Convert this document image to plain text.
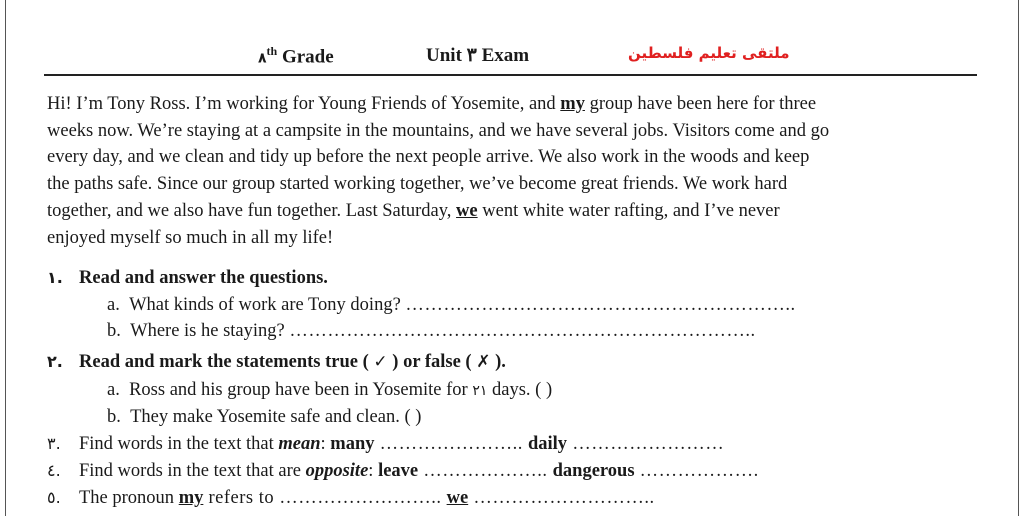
٨th Grade	Unit ٣ Exam	ملتقى تعليم فلسطين
Hi! I’m Tony Ross. I’m working for Young Friends of Yosemite, and my group have been here for three
weeks now. We’re staying at a campsite in the mountains, and we have several jobs. Visitors come and go
every day, and we clean and tidy up before the next people arrive. We also work in the woods and keep
the paths safe. Since our group started working together, we’ve become great friends. We work hard
together, and we also have fun together. Last Saturday, we went white water rafting, and I’ve never
enjoyed myself so much in all my life!
١. Read and answer the questions.
a. What kinds of work are Tony doing? ……………………………………………………..
b. Where is he staying? ………………………………………………………………..
٢. Read and mark the statements true ( ✓ ) or false ( ✗ ).
a. Ross and his group have been in Yosemite for ٢١ days. ( )
b. They make Yosemite safe and clean. ( )
٣. Find words in the text that mean: many ………………….. daily ……………………
٤. Find words in the text that are opposite: leave ……………….. dangerous ……………….
٥. The pronoun my refers to …………………….. we ………………………..
